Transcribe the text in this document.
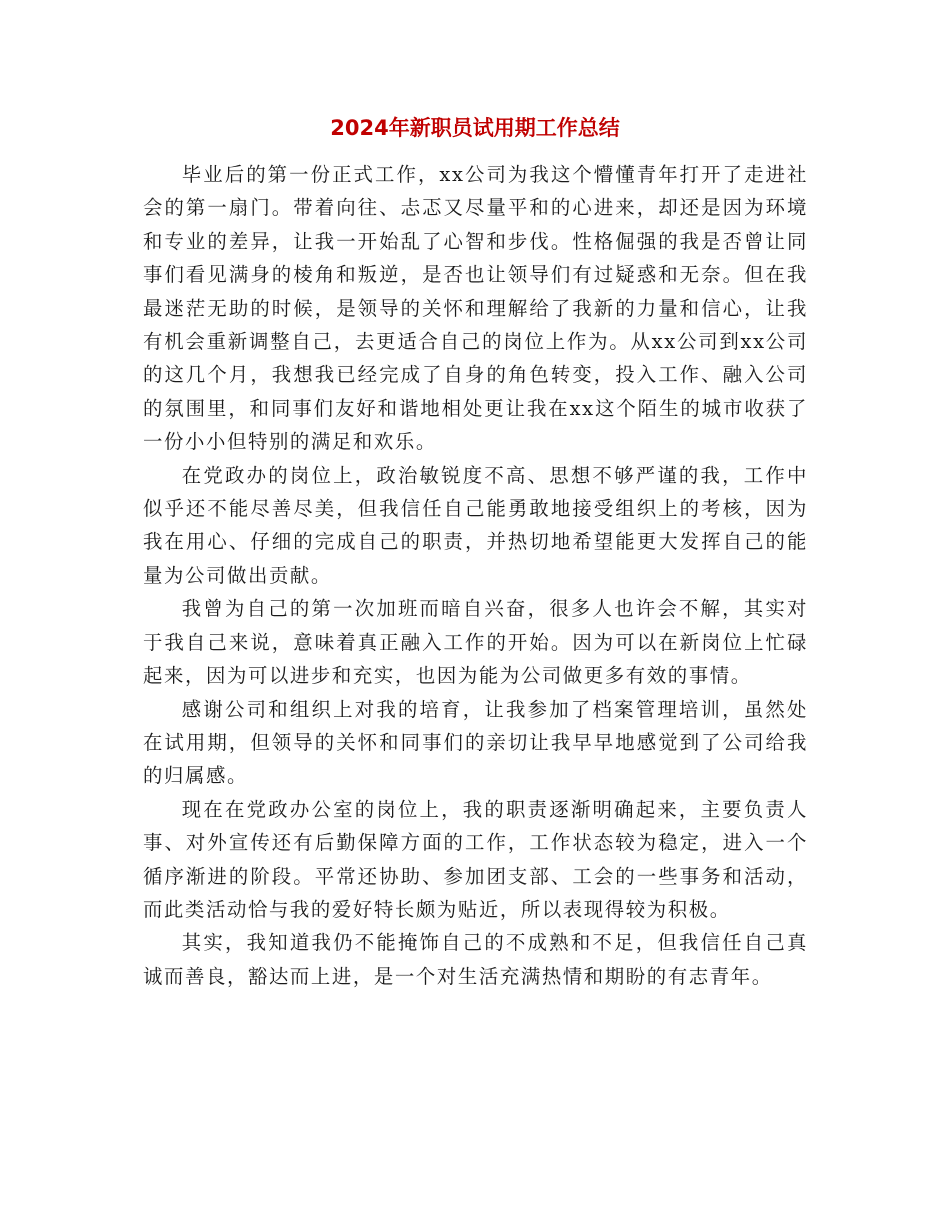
2024年新职员试用期工作总结

毕业后的第一份正式工作，xx公司为我这个懵懂青年打开了走进社会的第一扇门。带着向往、忐忑又尽量平和的心进来，却还是因为环境和专业的差异，让我一开始乱了心智和步伐。性格倔强的我是否曾让同事们看见满身的棱角和叛逆，是否也让领导们有过疑惑和无奈。但在我最迷茫无助的时候，是领导的关怀和理解给了我新的力量和信心，让我有机会重新调整自己，去更适合自己的岗位上作为。从xx公司到xx公司的这几个月，我想我已经完成了自身的角色转变，投入工作、融入公司的氛围里，和同事们友好和谐地相处更让我在xx这个陌生的城市收获了一份小小但特别的满足和欢乐。

在党政办的岗位上，政治敏锐度不高、思想不够严谨的我，工作中似乎还不能尽善尽美，但我信任自己能勇敢地接受组织上的考核，因为我在用心、仔细的完成自己的职责，并热切地希望能更大发挥自己的能量为公司做出贡献。

我曾为自己的第一次加班而暗自兴奋，很多人也许会不解，其实对于我自己来说，意味着真正融入工作的开始。因为可以在新岗位上忙碌起来，因为可以进步和充实，也因为能为公司做更多有效的事情。

感谢公司和组织上对我的培育，让我参加了档案管理培训，虽然处在试用期，但领导的关怀和同事们的亲切让我早早地感觉到了公司给我的归属感。

现在在党政办公室的岗位上，我的职责逐渐明确起来，主要负责人事、对外宣传还有后勤保障方面的工作，工作状态较为稳定，进入一个循序渐进的阶段。平常还协助、参加团支部、工会的一些事务和活动，而此类活动恰与我的爱好特长颇为贴近，所以表现得较为积极。

其实，我知道我仍不能掩饰自己的不成熟和不足，但我信任自己真诚而善良，豁达而上进，是一个对生活充满热情和期盼的有志青年。
